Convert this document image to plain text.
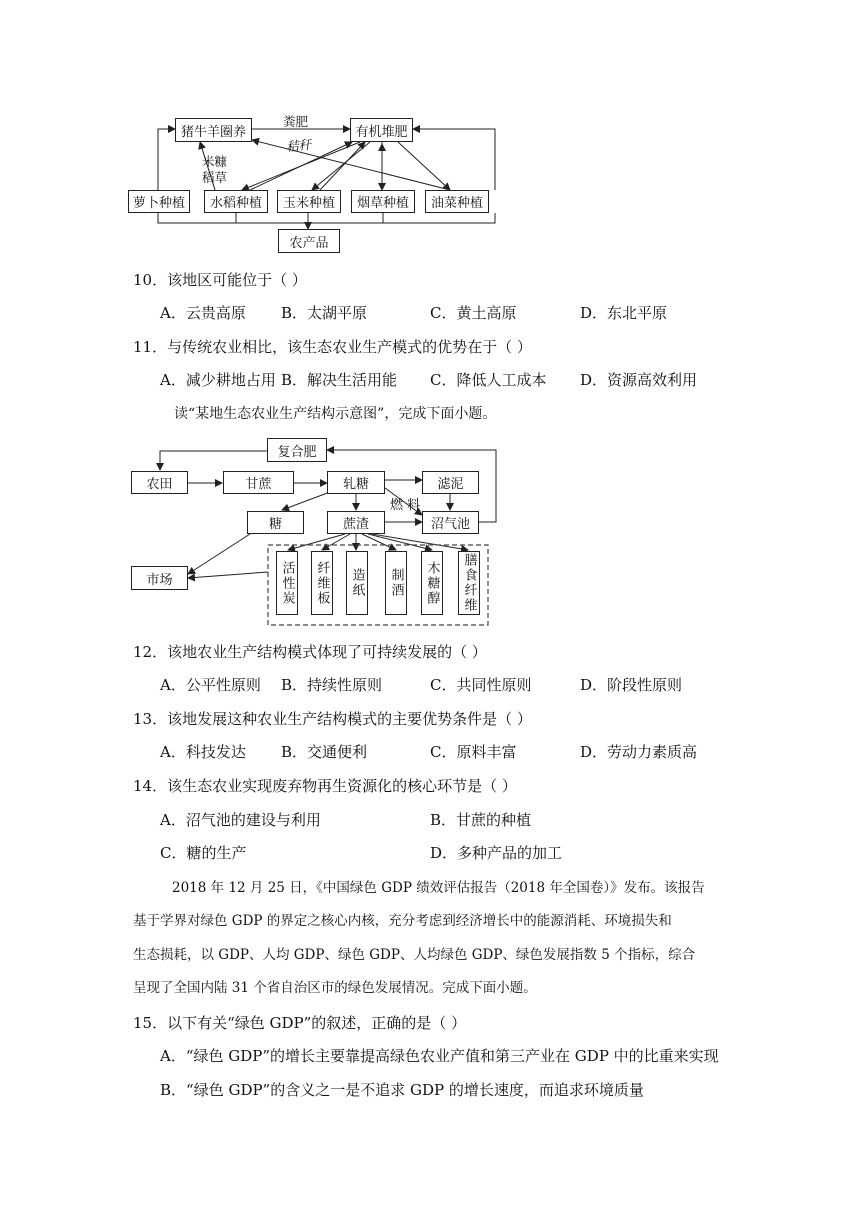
猪牛羊圈养	有机堆肥
萝卜种植	水稻种植	玉米种植	烟草种植	油菜种植
农产品
粪肥
秸秆
米糠
稻草
10．该地区可能位于（ ）
A．云贵高原 B．太湖平原	C．黄土高原	D．东北平原
11．与传统农业相比，该生态农业生产模式的优势在于（ ）
A．减少耕地占用 B．解决生活用能 C．降低人工成本 D．资源高效利用
读“某地生态农业生产结构示意图”，完成下面小题。
复合肥
农田	甘蔗	轧糖	滤泥
糖	蔗渣	沼气池
市场
燃 料
活性炭 纤维板 造纸 制酒 木糖醇 膳食纤维
12．该地农业生产结构模式体现了可持续发展的（ ）
A．公平性原则 B．持续性原则	C．共同性原则	D．阶段性原则
13．该地发展这种农业生产结构模式的主要优势条件是（ ）
A．科技发达 B．交通便利	C．原料丰富	D．劳动力素质高
14．该生态农业实现废弃物再生资源化的核心环节是（ ）
A．沼气池的建设与利用	B．甘蔗的种植
C．糖的生产	D．多种产品的加工
2018 年 12 月 25 日，《中国绿色 GDP 绩效评估报告（2018 年全国卷）》发布。该报告
基于学界对绿色 GDP 的界定之核心内核，充分考虑到经济增长中的能源消耗、环境损失和
生态损耗，以 GDP、人均 GDP、绿色 GDP、人均绿色 GDP、绿色发展指数 5 个指标，综合
呈现了全国内陆 31 个省自治区市的绿色发展情况。完成下面小题。
15．以下有关“绿色 GDP”的叙述，正确的是（ ）
A．“绿色 GDP”的增长主要靠提高绿色农业产值和第三产业在 GDP 中的比重来实现
B．“绿色 GDP”的含义之一是不追求 GDP 的增长速度，而追求环境质量
